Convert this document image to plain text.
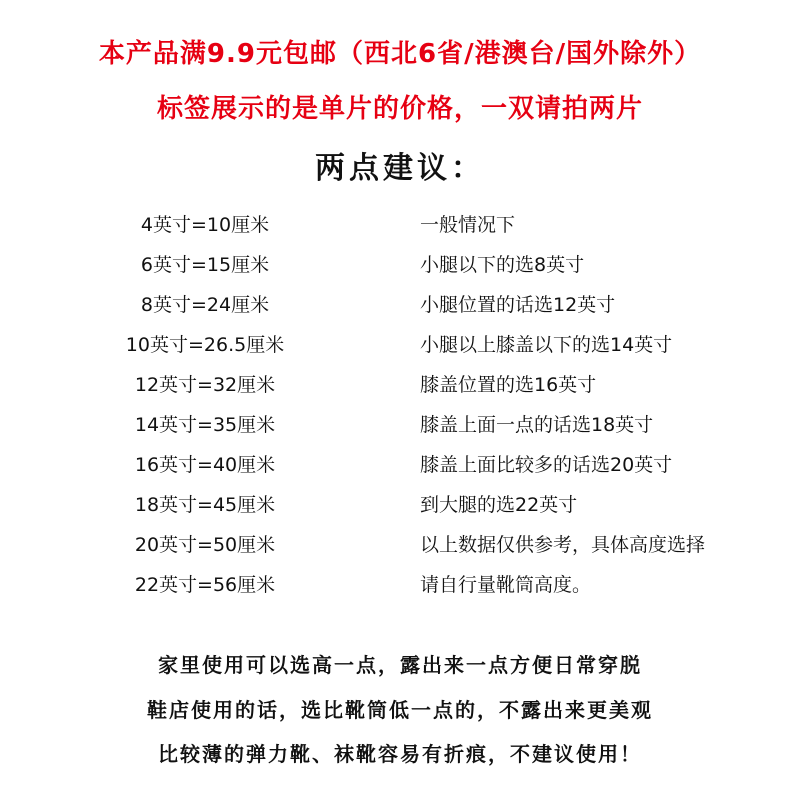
本产品满9.9元包邮（西北6省/港澳台/国外除外）
标签展示的是单片的价格，一双请拍两片
两点建议：
4英寸=10厘米	一般情况下
6英寸=15厘米	小腿以下的选8英寸
8英寸=24厘米	小腿位置的话选12英寸
10英寸=26.5厘米	小腿以上膝盖以下的选14英寸
12英寸=32厘米	膝盖位置的选16英寸
14英寸=35厘米	膝盖上面一点的话选18英寸
16英寸=40厘米	膝盖上面比较多的话选20英寸
18英寸=45厘米	到大腿的选22英寸
20英寸=50厘米	以上数据仅供参考，具体高度选择
22英寸=56厘米	请自行量靴筒高度。
家里使用可以选高一点，露出来一点方便日常穿脱
鞋店使用的话，选比靴筒低一点的，不露出来更美观
比较薄的弹力靴、袜靴容易有折痕，不建议使用！
